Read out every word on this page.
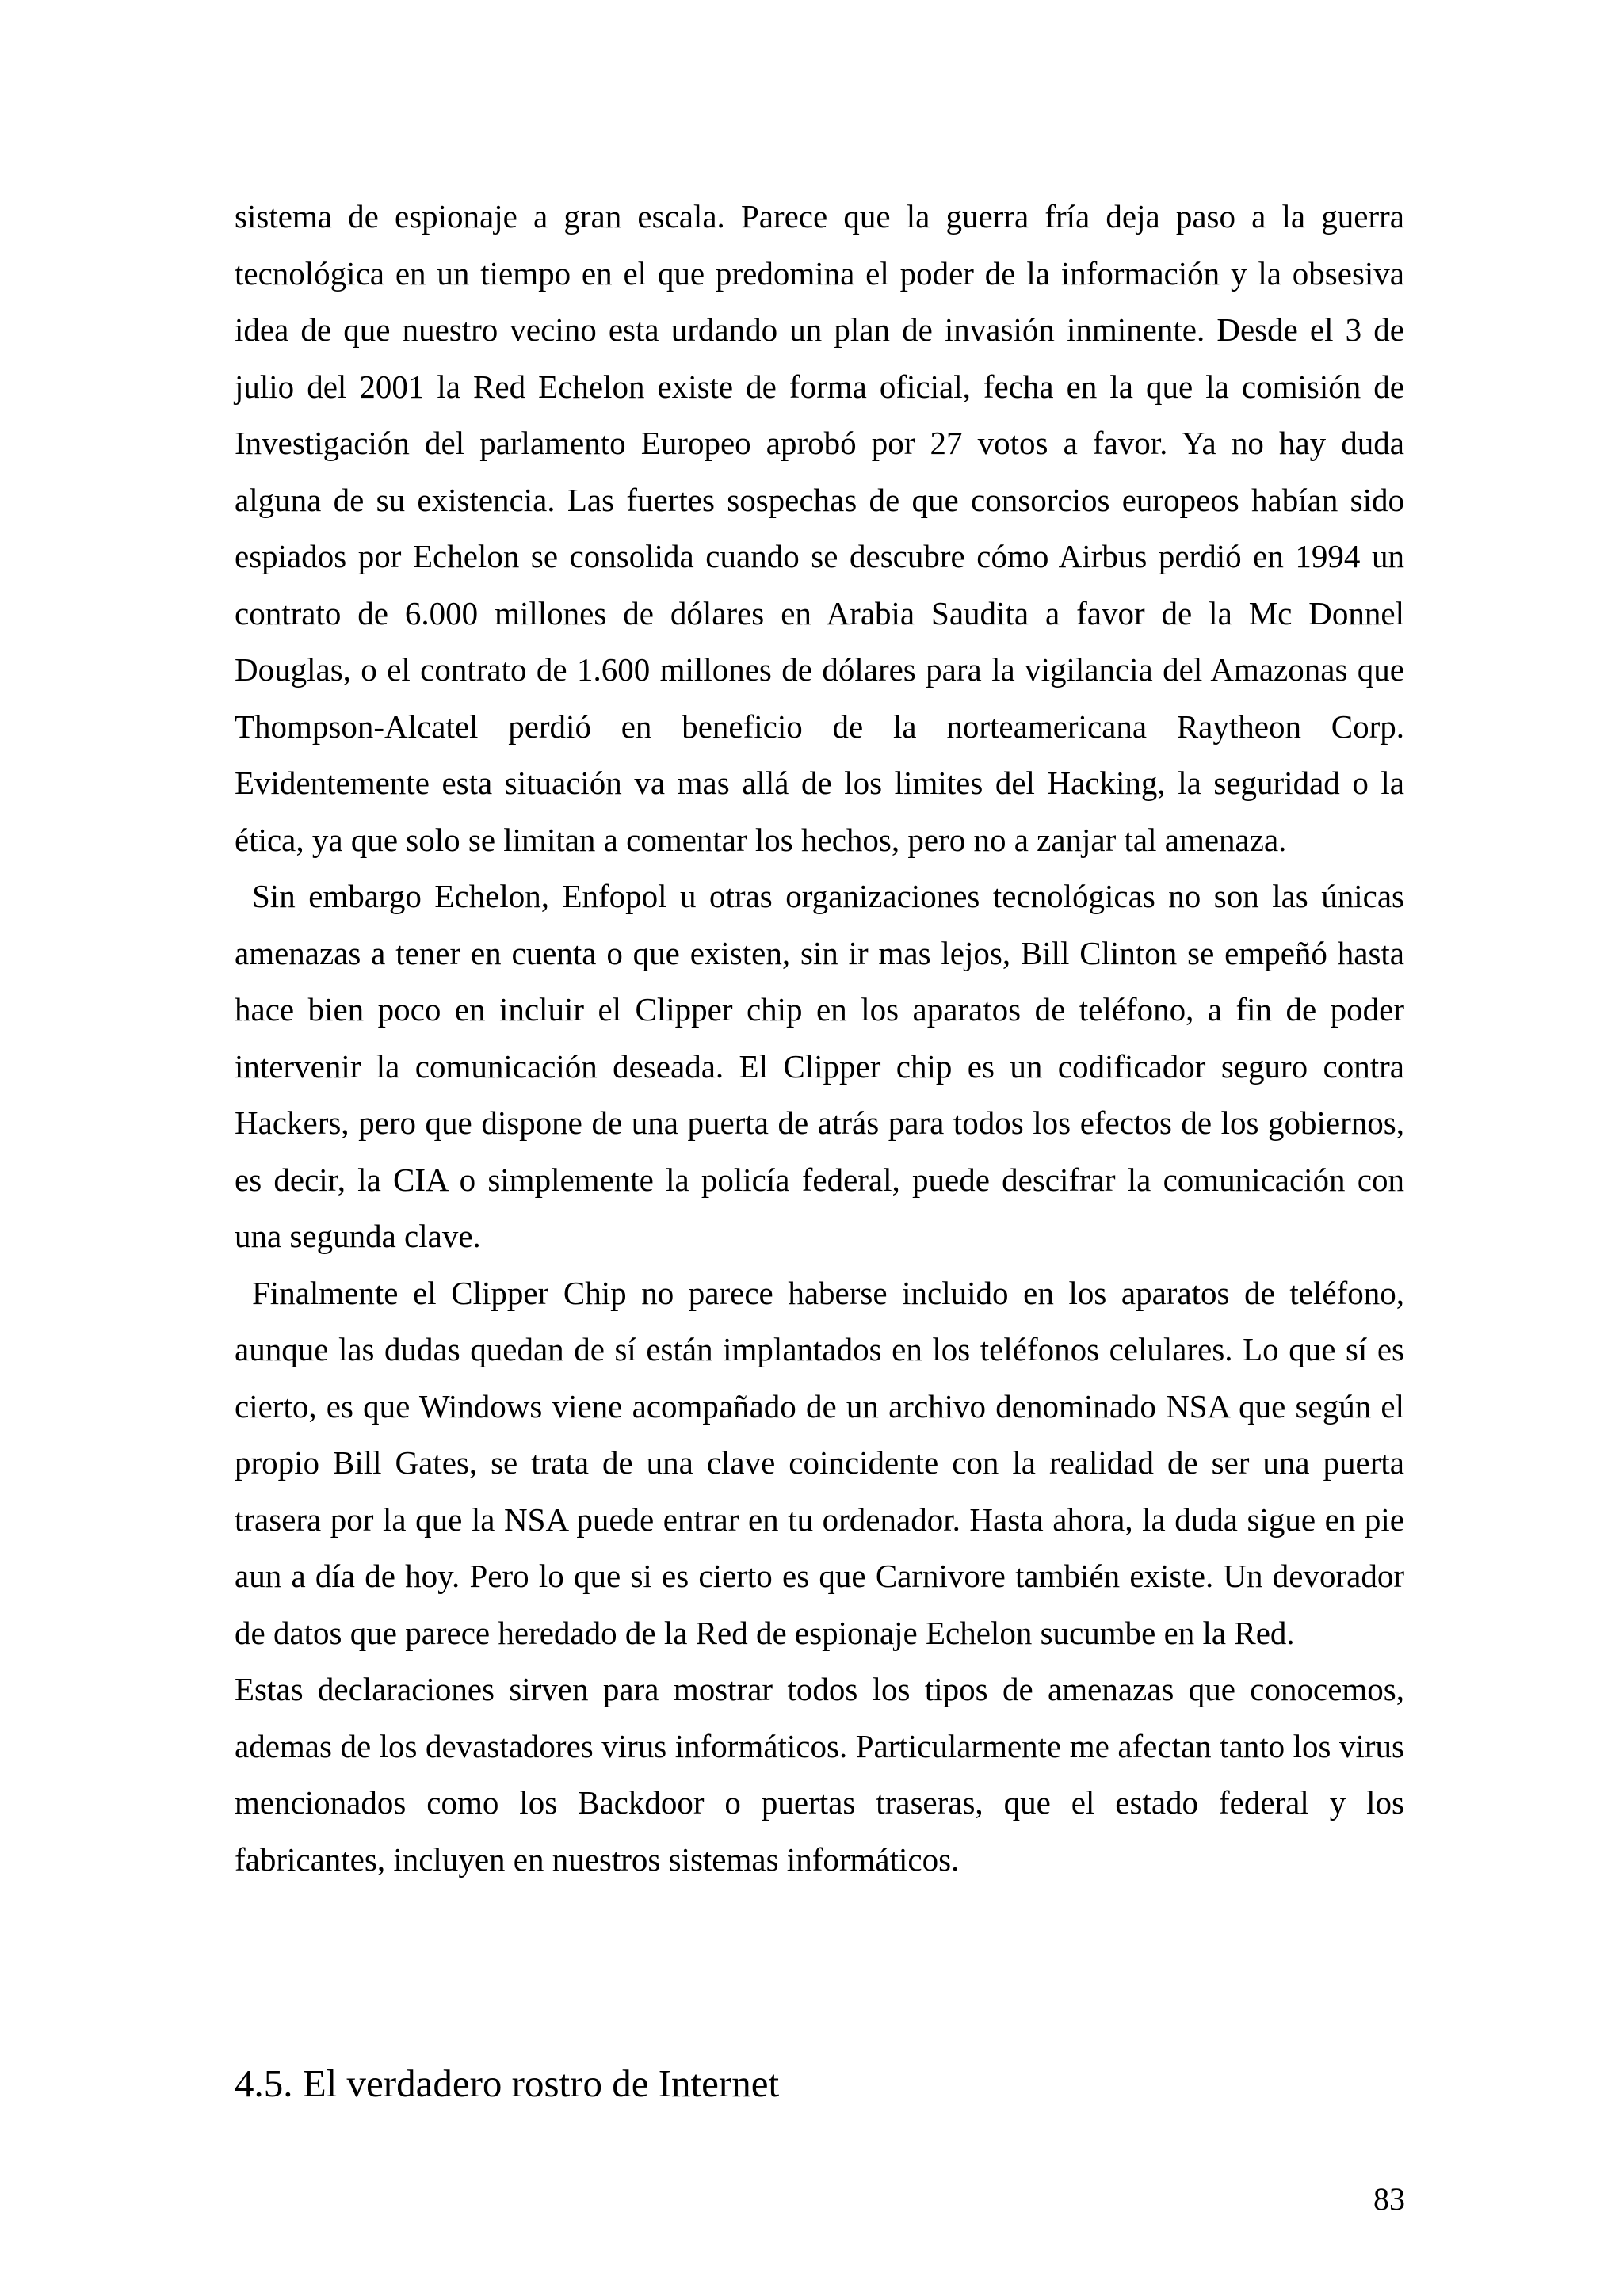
sistema de espionaje a gran escala. Parece que la guerra fría deja paso a la guerra tecnológica en un tiempo en el que predomina el poder de la información y la obsesiva idea de que nuestro vecino esta urdando un plan de invasión inminente. Desde el 3 de julio del 2001 la Red Echelon existe de forma oficial, fecha en la que la comisión de Investigación del parlamento Europeo aprobó por 27 votos a favor. Ya no hay duda alguna de su existencia. Las fuertes sospechas de que consorcios europeos habían sido espiados por Echelon se consolida cuando se descubre cómo Airbus perdió en 1994 un contrato de 6.000 millones de dólares en Arabia Saudita a favor de la Mc Donnel Douglas, o el contrato de 1.600 millones de dólares para la vigilancia del Amazonas que Thompson-Alcatel perdió en beneficio de la norteamericana Raytheon Corp. Evidentemente esta situación va mas allá de los limites del Hacking, la seguridad o la ética, ya que solo se limitan a comentar los hechos, pero no a zanjar tal amenaza.

Sin embargo Echelon, Enfopol u otras organizaciones tecnológicas no son las únicas amenazas a tener en cuenta o que existen, sin ir mas lejos, Bill Clinton se empeñó hasta hace bien poco en incluir el Clipper chip en los aparatos de teléfono, a fin de poder intervenir la comunicación deseada. El Clipper chip es un codificador seguro contra Hackers, pero que dispone de una puerta de atrás para todos los efectos de los gobiernos, es decir, la CIA o simplemente la policía federal, puede descifrar la comunicación con una segunda clave.

Finalmente el Clipper Chip no parece haberse incluido en los aparatos de teléfono, aunque las dudas quedan de sí están implantados en los teléfonos celulares. Lo que sí es cierto, es que Windows viene acompañado de un archivo denominado NSA que según el propio Bill Gates, se trata de una clave coincidente con la realidad de ser una puerta trasera por la que la NSA puede entrar en tu ordenador. Hasta ahora, la duda sigue en pie aun a día de hoy. Pero lo que si es cierto es que Carnivore también existe. Un devorador de datos que parece heredado de la Red de espionaje Echelon sucumbe en la Red.

Estas declaraciones sirven para mostrar todos los tipos de amenazas que conocemos, ademas de los devastadores virus informáticos. Particularmente me afectan tanto los virus mencionados como los Backdoor o puertas traseras, que el estado federal y los fabricantes, incluyen en nuestros sistemas informáticos.

4.5. El verdadero rostro de Internet
83
